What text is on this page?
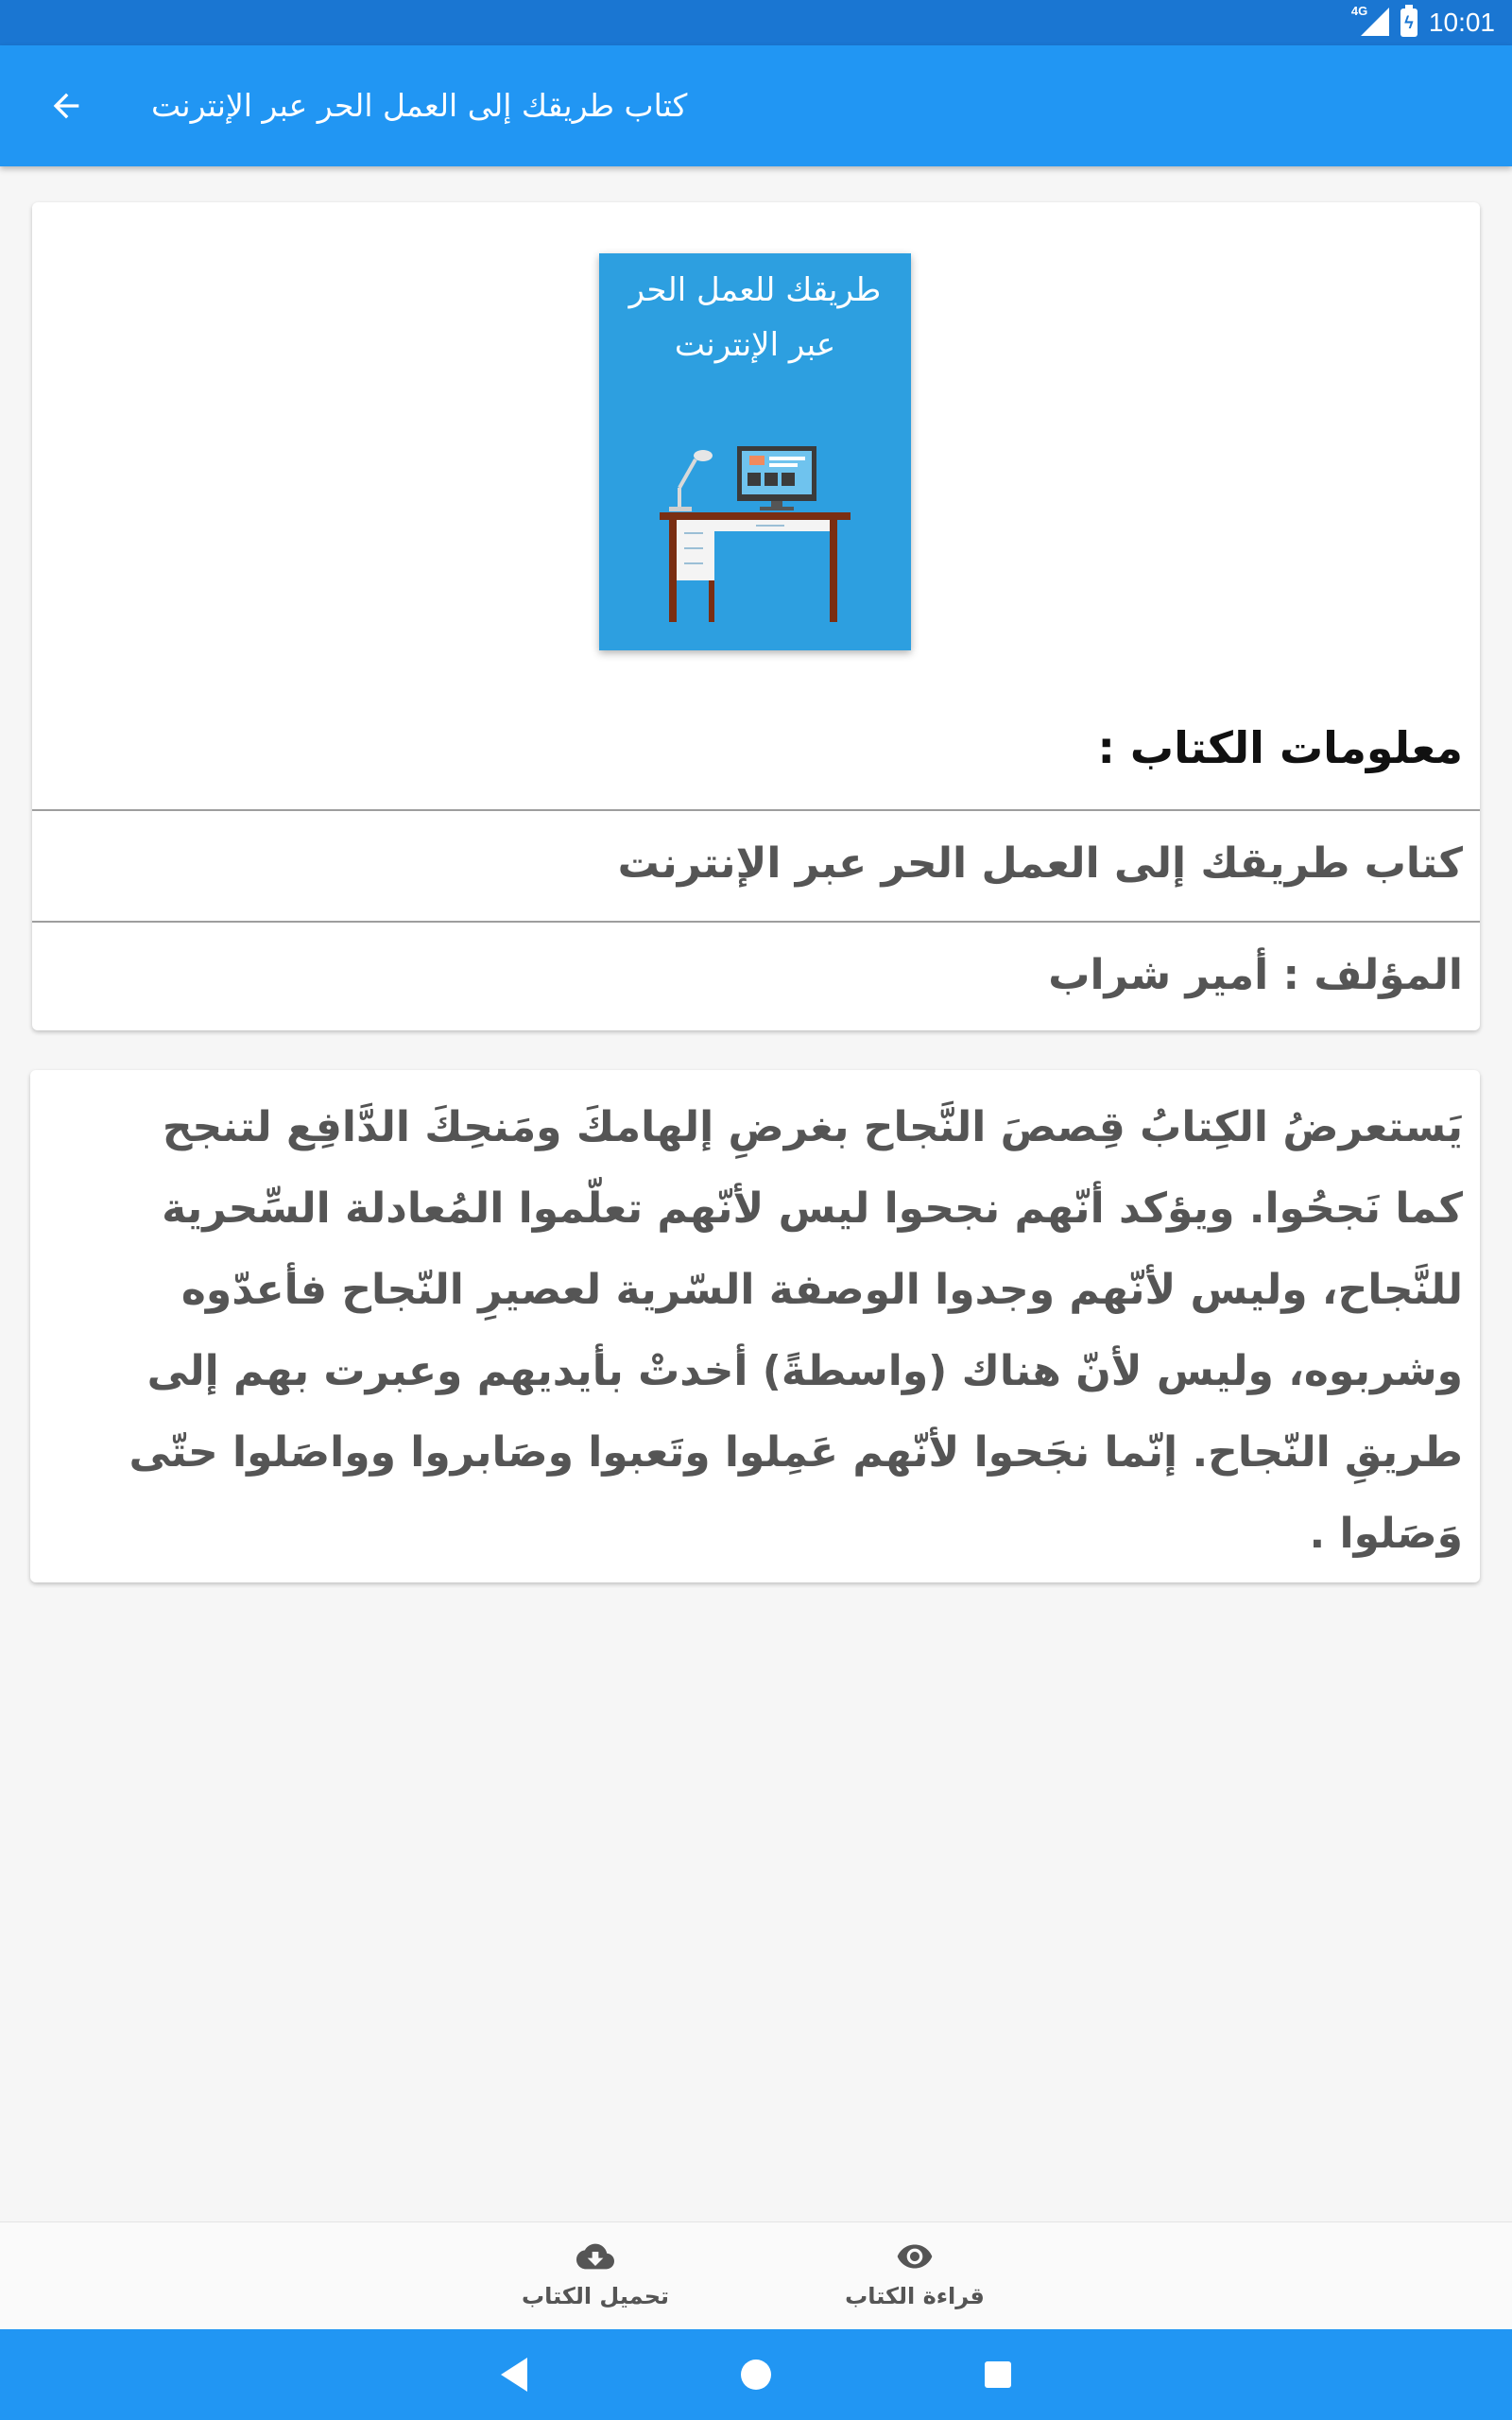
4G
ϟ 10:01
كتاب طريقك إلى العمل الحر عبر الإنترنت
طريقك للعمل الحر عبر الإنترنت
معلومات الكتاب :
كتاب طريقك إلى العمل الحر عبر الإنترنت
المؤلف : أمير شراب
يَستعرضُ الكِتابُ قِصصَ النَّجاح بغرضِ إلهامكَ ومَنحِكَ الدَّافِع لتنجح كما نَجحُوا. ويؤكد أنّهم نجحوا ليس لأنّهم تعلّموا المُعادلة السِّحرية للنَّجاح، وليس لأنّهم وجدوا الوصفة السّرية لعصيرِ النّجاح فأعدّوه وشربوه، وليس لأنّ هناك (واسطةً) أخدتْ بأيديهم وعبرت بهم إلى طريقِ النّجاح. إنّما نجَحوا لأنّهم عَمِلوا وتَعبوا وصَابروا وواصَلوا حتّى وَصَلوا .
تحميل الكتاب	قراءة الكتاب
